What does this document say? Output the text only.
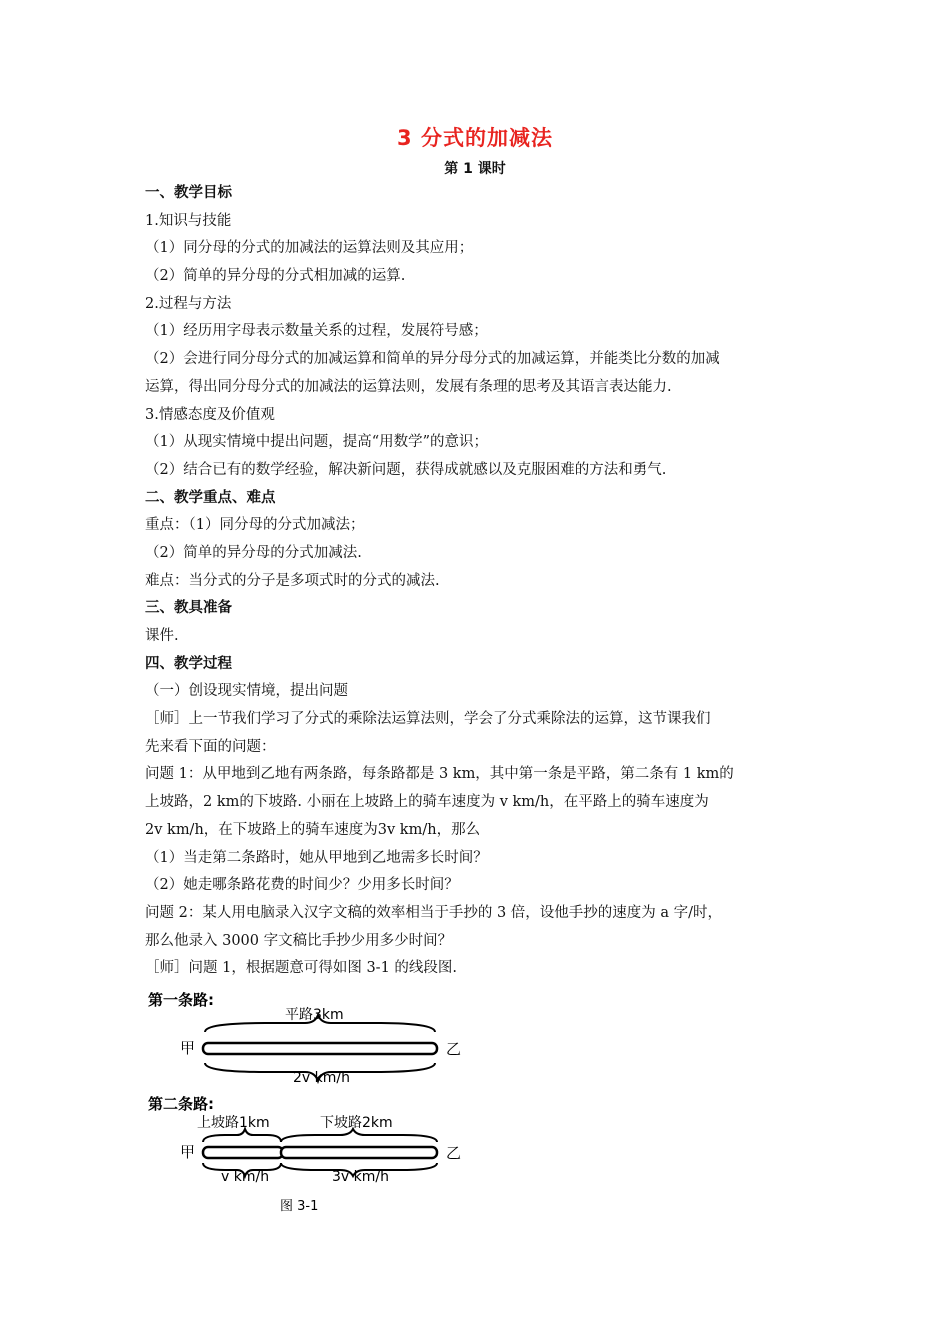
3 分式的加减法
第 1 课时
一、教学目标
1.知识与技能
（1）同分母的分式的加减法的运算法则及其应用；
（2）简单的异分母的分式相加减的运算.
2.过程与方法
（1）经历用字母表示数量关系的过程，发展符号感；
（2）会进行同分母分式的加减运算和简单的异分母分式的加减运算，并能类比分数的加减
运算，得出同分母分式的加减法的运算法则，发展有条理的思考及其语言表达能力.
3.情感态度及价值观
（1）从现实情境中提出问题，提高“用数学”的意识；
（2）结合已有的数学经验，解决新问题，获得成就感以及克服困难的方法和勇气.
二、教学重点、难点
重点：（1）同分母的分式加减法；
（2）简单的异分母的分式加减法.
难点：当分式的分子是多项式时的分式的减法.
三、教具准备
课件.
四、教学过程
（一）创设现实情境，提出问题
［师］上一节我们学习了分式的乘除法运算法则，学会了分式乘除法的运算，这节课我们
先来看下面的问题：
问题 1：从甲地到乙地有两条路，每条路都是 3 km，其中第一条是平路，第二条有 1 km的
上坡路，2 km的下坡路. 小丽在上坡路上的骑车速度为 v km/h，在平路上的骑车速度为
2v km/h，在下坡路上的骑车速度为3v km/h，那么
（1）当走第二条路时，她从甲地到乙地需多长时间？
（2）她走哪条路花费的时间少？少用多长时间？
问题 2：某人用电脑录入汉字文稿的效率相当于手抄的 3 倍，设他手抄的速度为 a 字/时，
那么他录入 3000 字文稿比手抄少用多少时间？
［师］问题 1，根据题意可得如图 3-1 的线段图.
第一条路:
平路3km
甲	乙
2v km/h
第二条路:
上坡路1km	下坡路2km
甲	乙
v km/h	3v km/h
图 3-1
